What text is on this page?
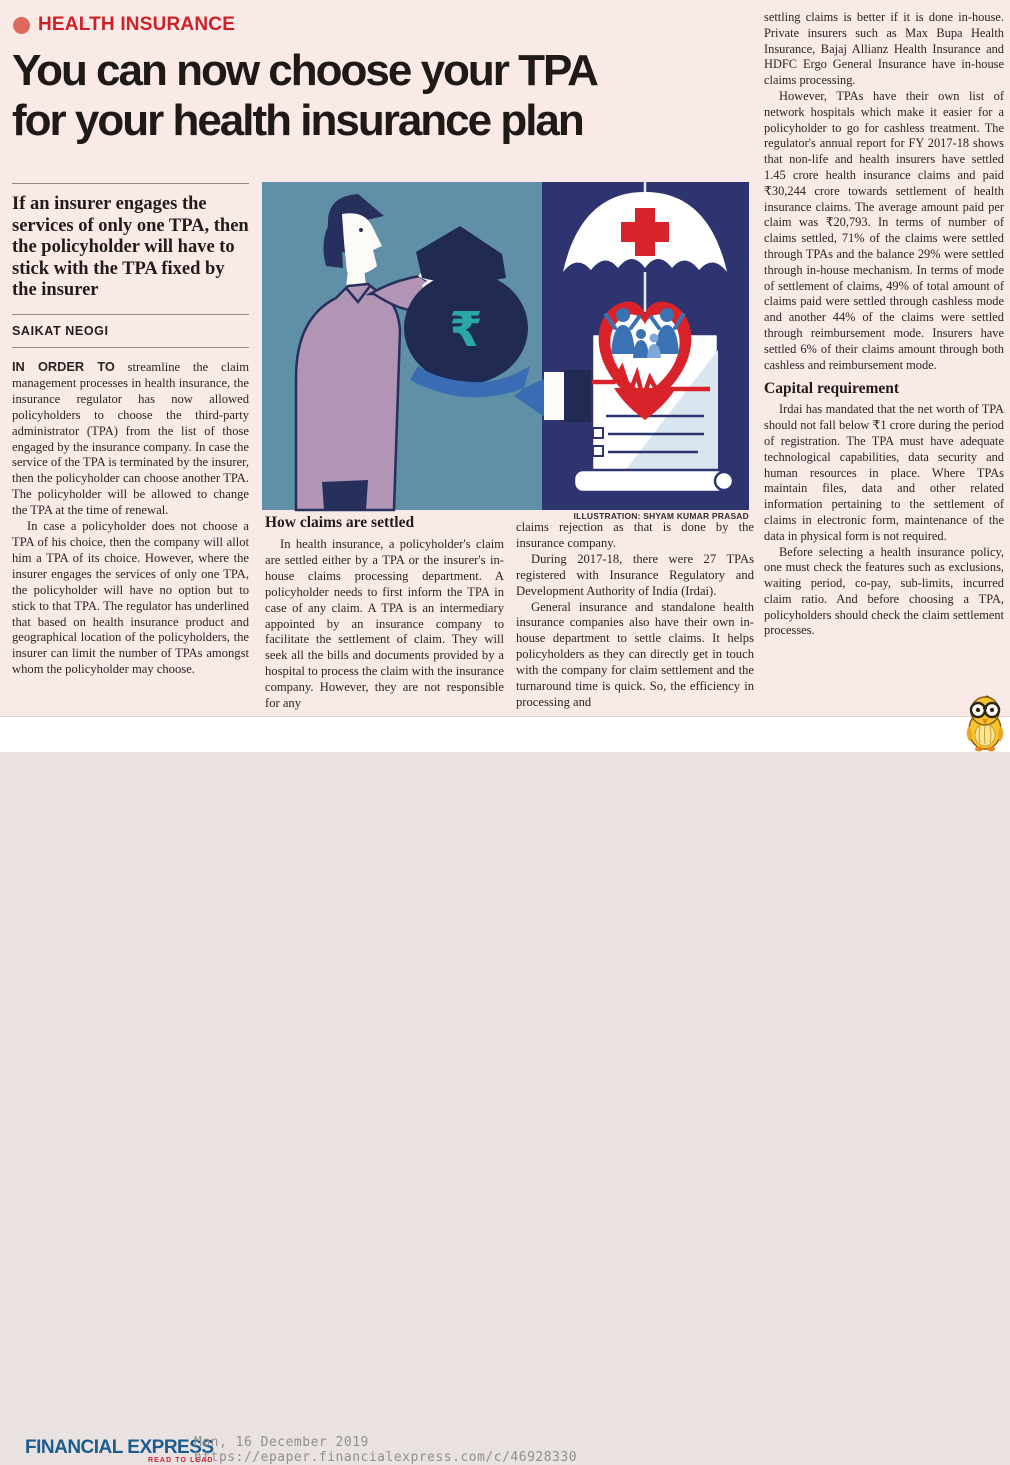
HEALTH INSURANCE
You can now choose your TPA
for your health insurance plan
If an insurer engages the services of only one TPA, then the policyholder will have to stick with the TPA fixed by the insurer
SAIKAT NEOGI

IN ORDER TO streamline the claim management processes in health insurance, the insurance regulator has now allowed policyholders to choose the third-party administrator (TPA) from the list of those engaged by the insurance company. In case the service of the TPA is terminated by the insurer, then the policyholder can choose another TPA. The policyholder will be allowed to change the TPA at the time of renewal.

In case a policyholder does not choose a TPA of his choice, then the company will allot him a TPA of its choice. However, where the insurer engages the services of only one TPA, the policyholder will have no option but to stick to that TPA. The regulator has underlined that based on health insurance product and geographical location of the policyholders, the insurer can limit the number of TPAs amongst whom the policyholder may choose.

₹
ILLUSTRATION: SHYAM KUMAR PRASAD
How claims are settled

In health insurance, a policyholder's claim are settled either by a TPA or the insurer's in-house claims processing department. A policyholder needs to first inform the TPA in case of any claim. A TPA is an intermediary appointed by an insurance company to facilitate the settlement of claim. They will seek all the bills and documents provided by a hospital to process the claim with the insurance company. However, they are not responsible for any

claims rejection as that is done by the insurance company.

During 2017-18, there were 27 TPAs registered with Insurance Regulatory and Development Authority of India (Irdai).

General insurance and standalone health insurance companies also have their own in-house department to settle claims. It helps policyholders as they can directly get in touch with the company for claim settlement and the turnaround time is quick. So, the efficiency in processing and

settling claims is better if it is done in-house. Private insurers such as Max Bupa Health Insurance, Bajaj Allianz Health Insurance and HDFC Ergo General Insurance have in-house claims processing.

However, TPAs have their own list of network hospitals which make it easier for a policyholder to go for cashless treatment. The regulator's annual report for FY 2017-18 shows that non-life and health insurers have settled 1.45 crore health insurance claims and paid ₹30,244 crore towards settlement of health insurance claims. The average amount paid per claim was ₹20,793. In terms of number of claims settled, 71% of the claims were settled through TPAs and the balance 29% were settled through in-house mechanism. In terms of mode of settlement of claims, 49% of total amount of claims paid were settled through cashless mode and another 44% of the claims were settled through reimbursement mode. Insurers have settled 6% of their claims amount through both cashless and reimbursement mode.

Capital requirement

Irdai has mandated that the net worth of TPA should not fall below ₹1 crore during the period of registration. The TPA must have adequate technological capabilities, data security and human resources in place. Where TPAs maintain files, data and other related information pertaining to the settlement of claims in electronic form, maintenance of the data in physical form is not required.

Before selecting a health insurance policy, one must check the features such as exclusions, waiting period, co-pay, sub-limits, incurred claim ratio. And before choosing a TPA, policyholders should check the claim settlement processes.

FINANCIAL EXPRESS
READ TO LEAD
Mon, 16 December 2019
https://epaper.financialexpress.com/c/46928330
